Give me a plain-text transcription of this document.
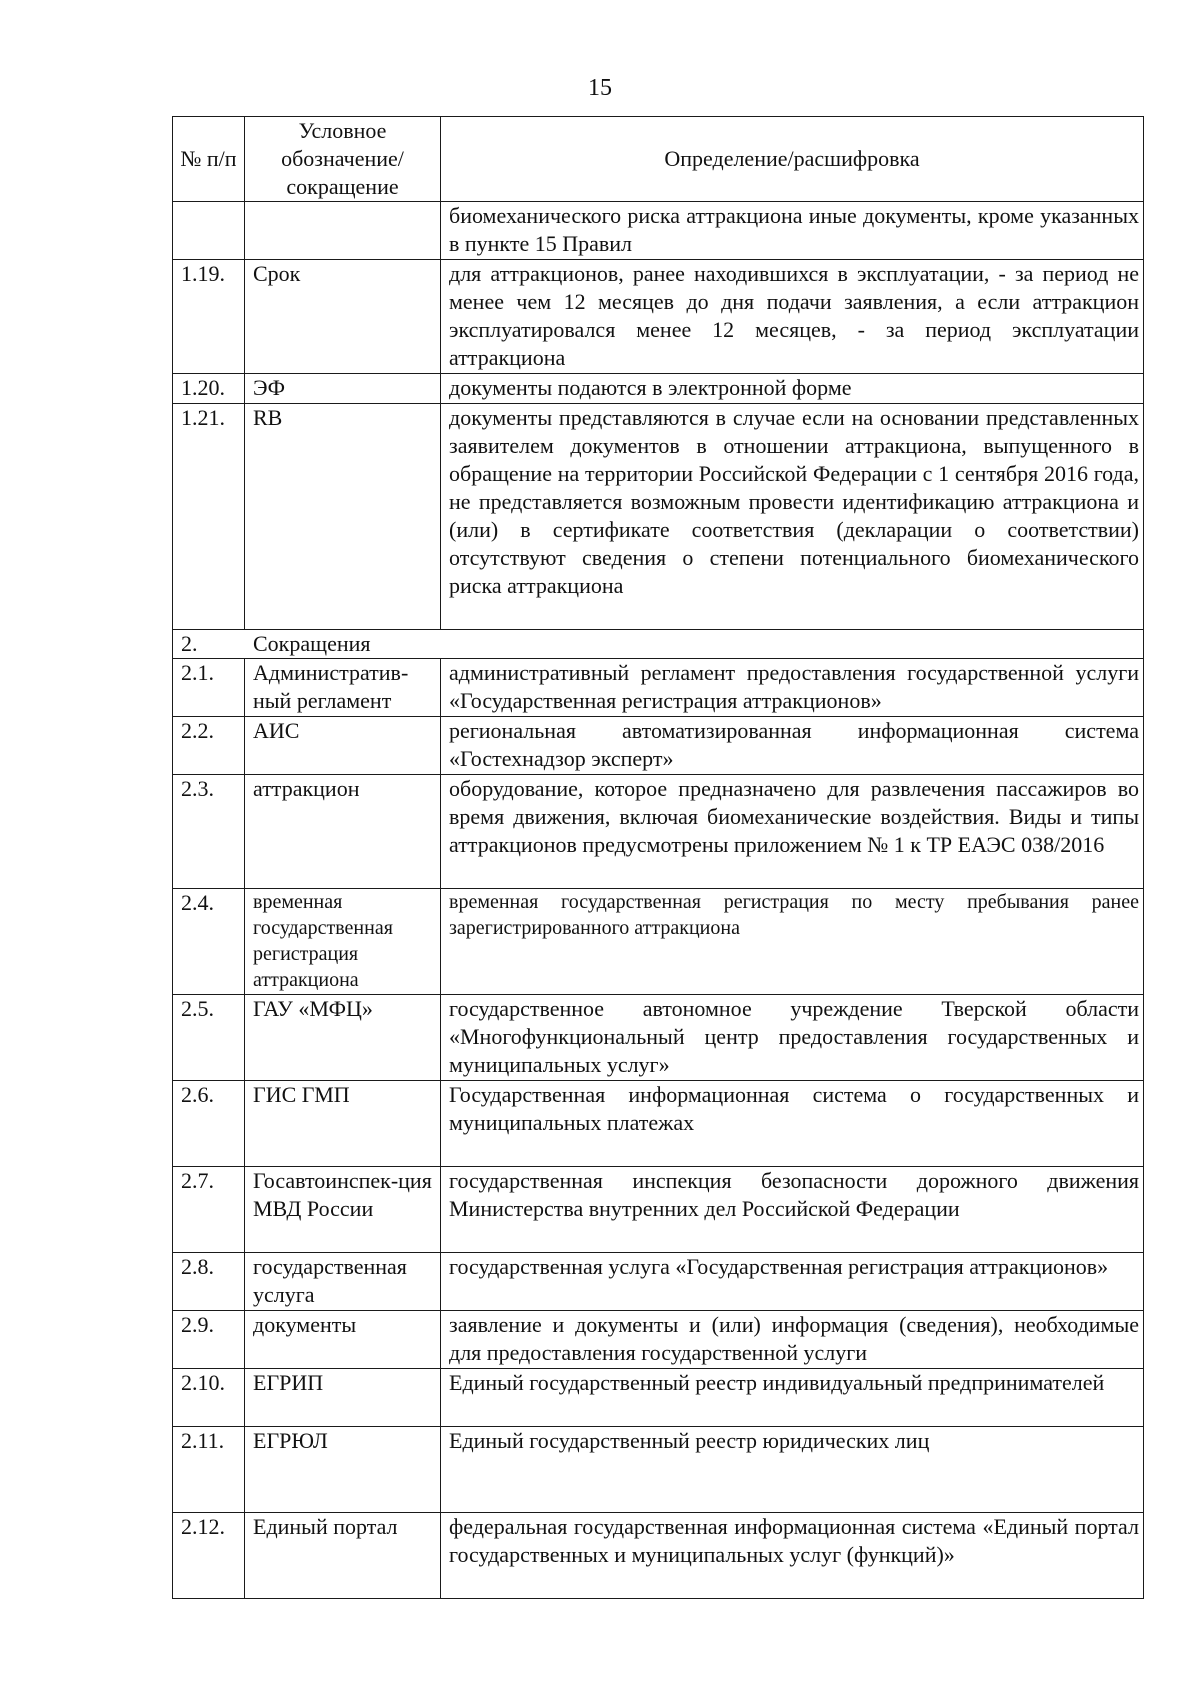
15
№ п/п	Условное обозначение/ сокращение	Определение/расшифровка
		биомеханического риска аттракциона иные документы, кроме указанных в пункте 15 Правил
1.19.	Срок	для аттракционов, ранее находившихся в эксплуатации, - за период не менее чем 12 месяцев до дня подачи заявления, а если аттракцион эксплуатировался менее 12 месяцев, - за период эксплуатации аттракциона
1.20.	ЭФ	документы подаются в электронной форме
1.21.	RB	документы представляются в случае если на основании представленных заявителем документов в отношении аттракциона, выпущенного в обращение на территории Российской Федерации с 1 сентября 2016 года, не представляется возможным провести идентификацию аттракциона и (или) в сертификате соответствия (декларации о соответствии) отсутствуют сведения о степени потенциального биомеханического риска аттракциона
2. Сокращения		
2.1.	Административ-ный регламент	административный регламент предоставления государственной услуги «Государственная регистрация аттракционов»
2.2.	АИС	региональная автоматизированная информационная система «Гостехнадзор эксперт»
2.3.	аттракцион	оборудование, которое предназначено для развлечения пассажиров во время движения, включая биомеханические воздействия. Виды и типы аттракционов предусмотрены приложением № 1 к ТР ЕАЭС 038/2016
2.4.	временная государственная регистрация аттракциона	временная государственная регистрация по месту пребывания ранее зарегистрированного аттракциона
2.5.	ГАУ «МФЦ»	государственное автономное учреждение Тверской области «Многофункциональный центр предоставления государственных и муниципальных услуг»
2.6.	ГИС ГМП	Государственная информационная система о государственных и муниципальных платежах
2.7.	Госавтоинспек-ция МВД России	государственная инспекция безопасности дорожного движения Министерства внутренних дел Российской Федерации
2.8.	государственная услуга	государственная услуга «Государственная регистрация аттракционов»
2.9.	документы	заявление и документы и (или) информация (сведения), необходимые для предоставления государственной услуги
2.10.	ЕГРИП	Единый государственный реестр индивидуальный предпринимателей
2.11.	ЕГРЮЛ	Единый государственный реестр юридических лиц
2.12.	Единый портал	федеральная государственная информационная система «Единый портал государственных и муниципальных услуг (функций)»
